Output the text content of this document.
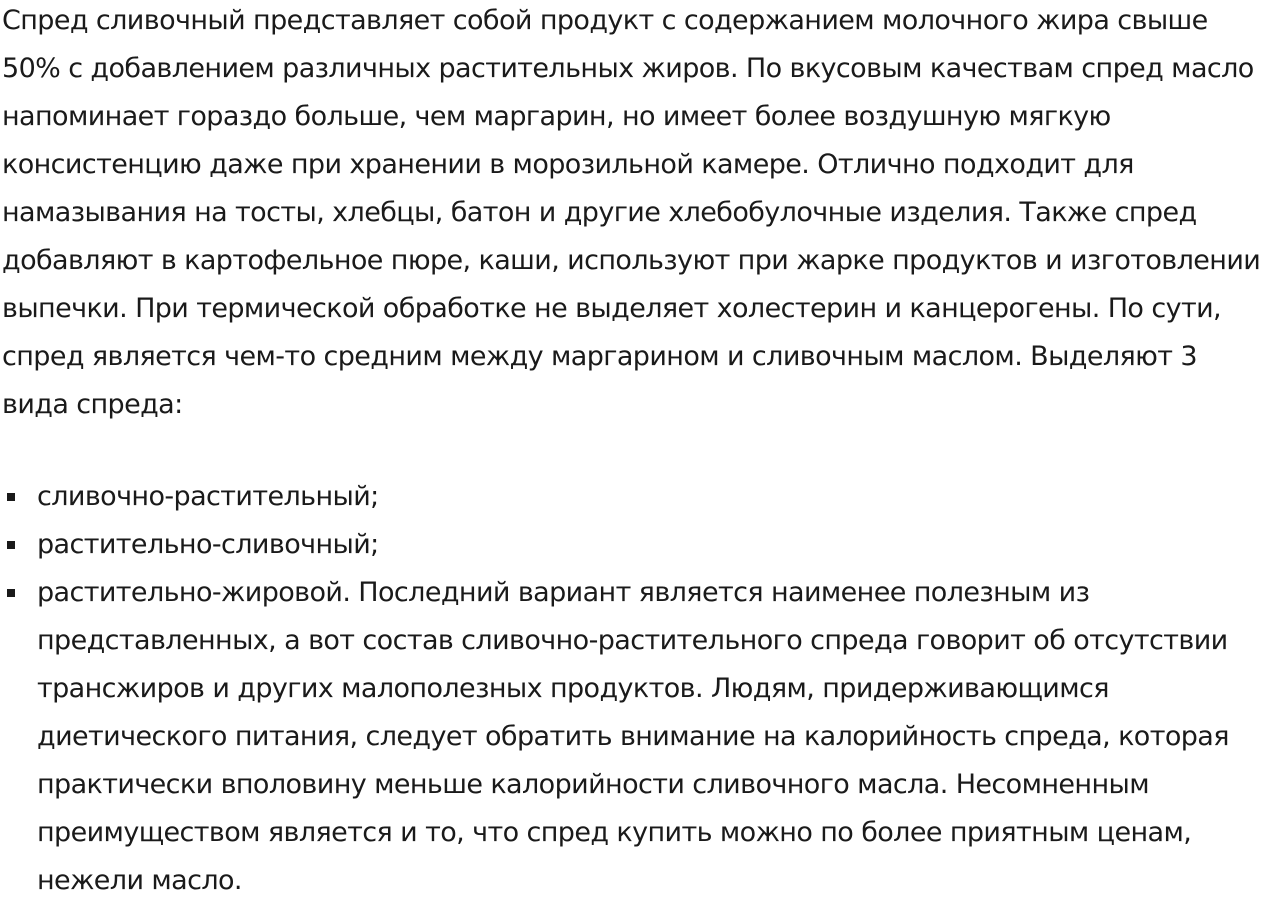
Спред сливочный представляет собой продукт с содержанием молочного жира свыше 50% с добавлением различных растительных жиров. По вкусовым качествам спред масло напоминает гораздо больше, чем маргарин, но имеет более воздушную мягкую консистенцию даже при хранении в морозильной камере. Отлично подходит для намазывания на тосты, хлебцы, батон и другие хлебобулочные изделия. Также спред добавляют в картофельное пюре, каши, используют при жарке продуктов и изготовлении выпечки. При термической обработке не выделяет холестерин и канцерогены. По сути, спред является чем-то средним между маргарином и сливочным маслом. Выделяют 3 вида спреда:

сливочно-растительный;
растительно-сливочный;
растительно-жировой. Последний вариант является наименее полезным из представленных, а вот состав сливочно-растительного спреда говорит об отсутствии трансжиров и других малополезных продуктов. Людям, придерживающимся диетического питания, следует обратить внимание на калорийность спреда, которая практически вполовину меньше калорийности сливочного масла. Несомненным преимуществом является и то, что спред купить можно по более приятным ценам, нежели масло.
